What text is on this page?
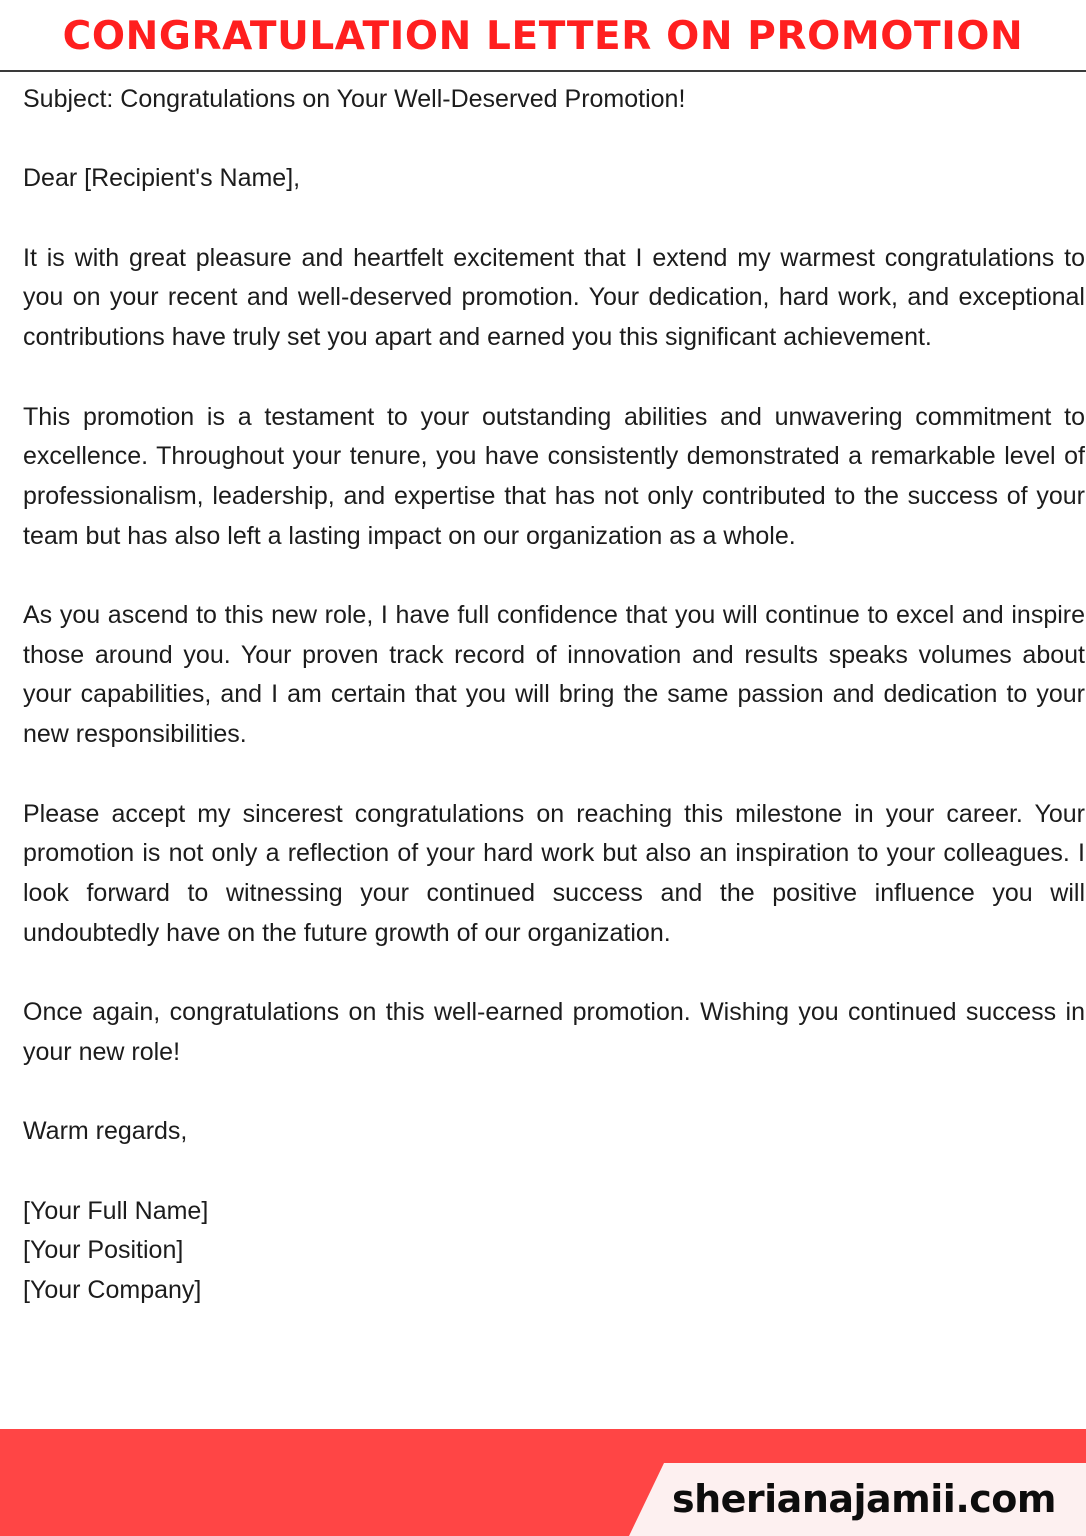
CONGRATULATION LETTER ON PROMOTION

Subject: Congratulations on Your Well-Deserved Promotion!

Dear [Recipient's Name],

It is with great pleasure and heartfelt excitement that I extend my warmest congratulations to you on your recent and well-deserved promotion. Your dedication, hard work, and exceptional contributions have truly set you apart and earned you this significant achievement.

This promotion is a testament to your outstanding abilities and unwavering commitment to excellence. Throughout your tenure, you have consistently demonstrated a remarkable level of professionalism, leadership, and expertise that has not only contributed to the success of your team but has also left a lasting impact on our organization as a whole.

As you ascend to this new role, I have full confidence that you will continue to excel and inspire those around you. Your proven track record of innovation and results speaks volumes about your capabilities, and I am certain that you will bring the same passion and dedication to your new responsibilities.

Please accept my sincerest congratulations on reaching this milestone in your career. Your promotion is not only a reflection of your hard work but also an inspiration to your colleagues. I look forward to witnessing your continued success and the positive influence you will undoubtedly have on the future growth of our organization.

Once again, congratulations on this well-earned promotion. Wishing you continued success in your new role!

Warm regards,

[Your Full Name]

[Your Position]

[Your Company]

sherianajamii.com
